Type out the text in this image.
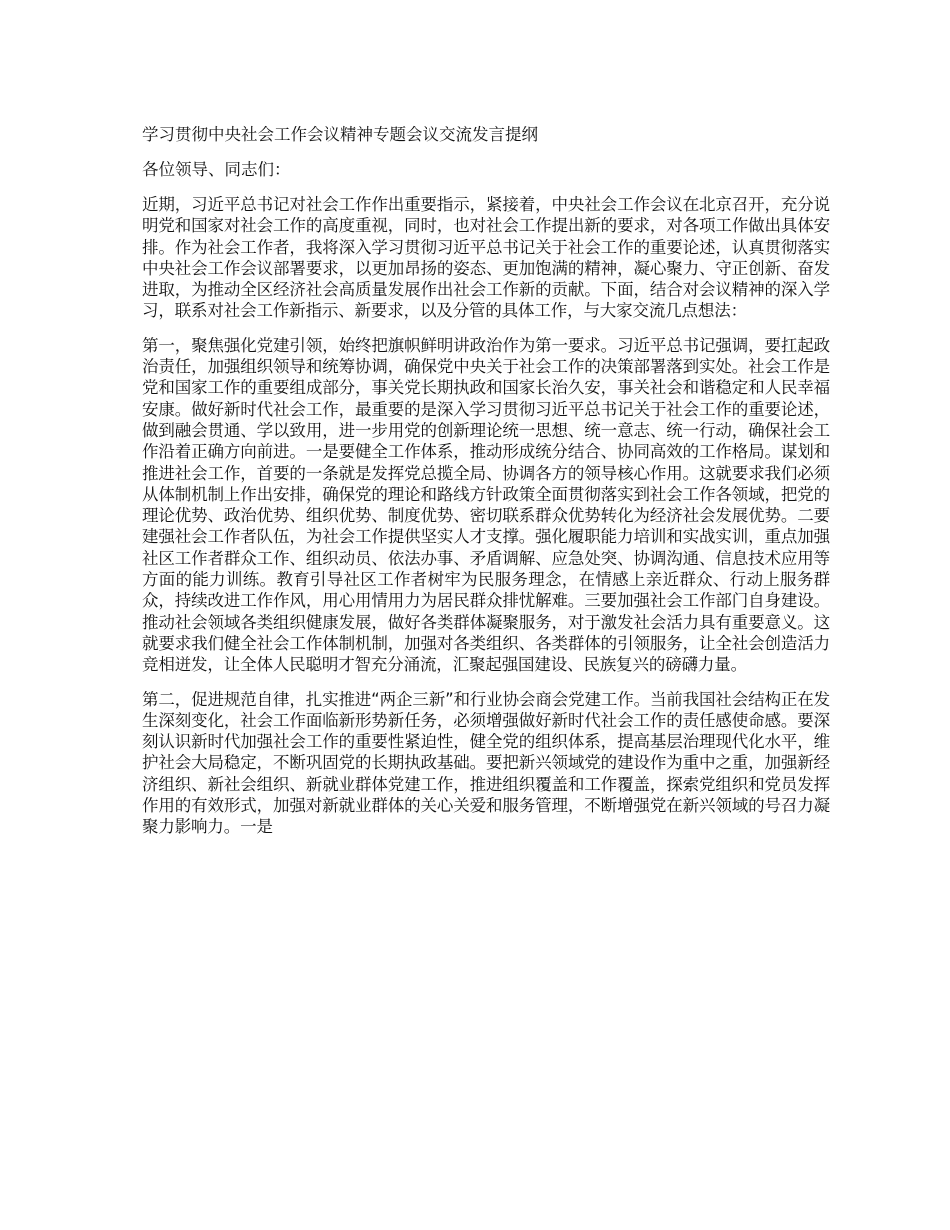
学习贯彻中央社会工作会议精神专题会议交流发言提纲
各位领导、同志们：
近期，习近平总书记对社会工作作出重要指示，紧接着，中央社会工作会议在北京召开，充分说明党和国家对社会工作的高度重视，同时，也对社会工作提出新的要求，对各项工作做出具体安排。作为社会工作者，我将深入学习贯彻习近平总书记关于社会工作的重要论述，认真贯彻落实中央社会工作会议部署要求，以更加昂扬的姿态、更加饱满的精神，凝心聚力、守正创新、奋发进取，为推动全区经济社会高质量发展作出社会工作新的贡献。下面，结合对会议精神的深入学习，联系对社会工作新指示、新要求，以及分管的具体工作，与大家交流几点想法：
第一，聚焦强化党建引领，始终把旗帜鲜明讲政治作为第一要求。习近平总书记强调，要扛起政治责任，加强组织领导和统筹协调，确保党中央关于社会工作的决策部署落到实处。社会工作是党和国家工作的重要组成部分，事关党长期执政和国家长治久安，事关社会和谐稳定和人民幸福安康。做好新时代社会工作，最重要的是深入学习贯彻习近平总书记关于社会工作的重要论述，做到融会贯通、学以致用，进一步用党的创新理论统一思想、统一意志、统一行动，确保社会工作沿着正确方向前进。一是要健全工作体系，推动形成统分结合、协同高效的工作格局。谋划和推进社会工作，首要的一条就是发挥党总揽全局、协调各方的领导核心作用。这就要求我们必须从体制机制上作出安排，确保党的理论和路线方针政策全面贯彻落实到社会工作各领域，把党的理论优势、政治优势、组织优势、制度优势、密切联系群众优势转化为经济社会发展优势。二要建强社会工作者队伍，为社会工作提供坚实人才支撑。强化履职能力培训和实战实训，重点加强社区工作者群众工作、组织动员、依法办事、矛盾调解、应急处突、协调沟通、信息技术应用等方面的能力训练。教育引导社区工作者树牢为民服务理念，在情感上亲近群众、行动上服务群众，持续改进工作作风，用心用情用力为居民群众排忧解难。三要加强社会工作部门自身建设。推动社会领域各类组织健康发展，做好各类群体凝聚服务，对于激发社会活力具有重要意义。这就要求我们健全社会工作体制机制，加强对各类组织、各类群体的引领服务，让全社会创造活力竞相迸发，让全体人民聪明才智充分涌流，汇聚起强国建设、民族复兴的磅礴力量。
第二，促进规范自律，扎实推进“两企三新”和行业协会商会党建工作。当前我国社会结构正在发生深刻变化，社会工作面临新形势新任务，必须增强做好新时代社会工作的责任感使命感。要深刻认识新时代加强社会工作的重要性紧迫性，健全党的组织体系，提高基层治理现代化水平，维护社会大局稳定，不断巩固党的长期执政基础。要把新兴领域党的建设作为重中之重，加强新经济组织、新社会组织、新就业群体党建工作，推进组织覆盖和工作覆盖，探索党组织和党员发挥作用的有效形式，加强对新就业群体的关心关爱和服务管理，不断增强党在新兴领域的号召力凝聚力影响力。一是
